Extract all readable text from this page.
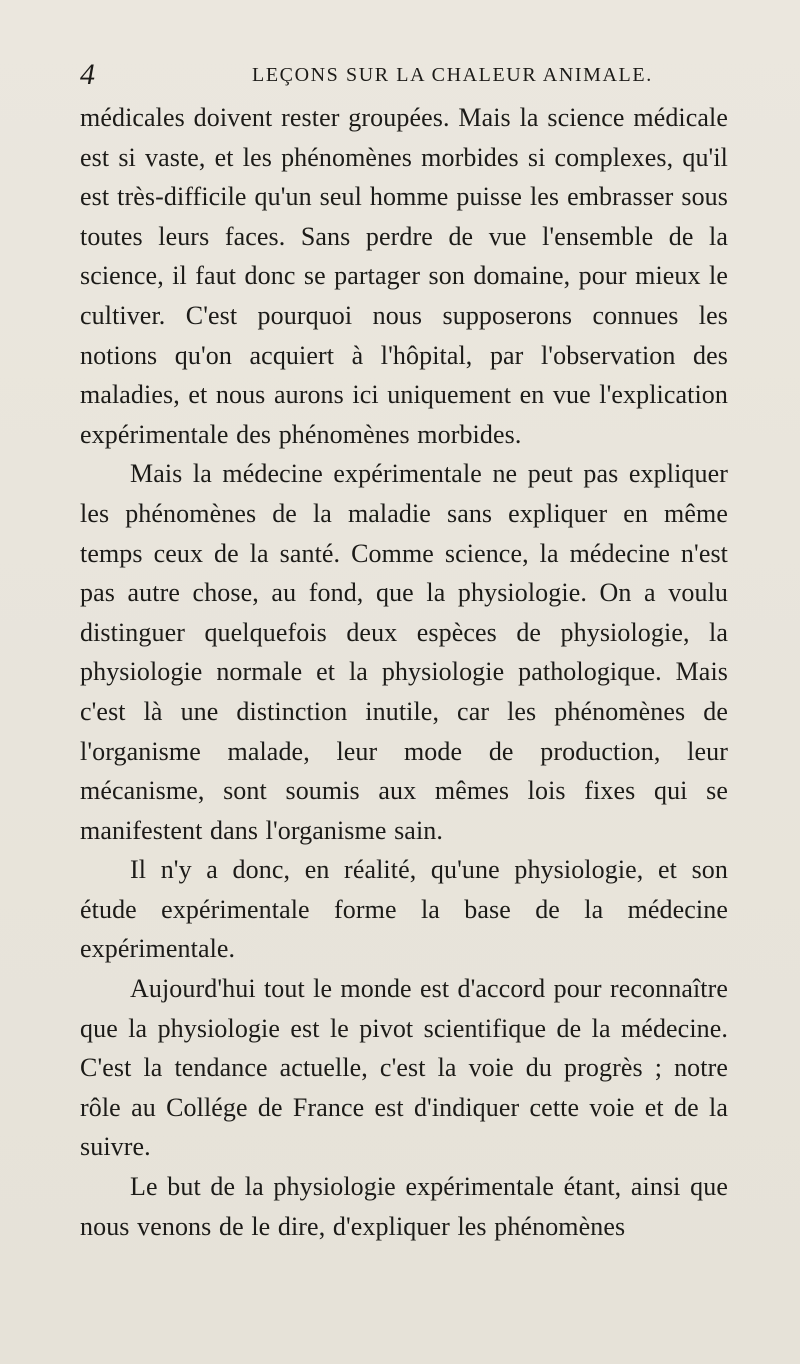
4	LEÇONS SUR LA CHALEUR ANIMALE.

médicales doivent rester groupées. Mais la science médicale est si vaste, et les phénomènes morbides si complexes, qu'il est très-difficile qu'un seul homme puisse les embrasser sous toutes leurs faces. Sans perdre de vue l'ensemble de la science, il faut donc se partager son domaine, pour mieux le cultiver. C'est pourquoi nous supposerons connues les notions qu'on acquiert à l'hôpital, par l'observation des maladies, et nous aurons ici uniquement en vue l'explication expérimentale des phénomènes morbides.

Mais la médecine expérimentale ne peut pas expliquer les phénomènes de la maladie sans expliquer en même temps ceux de la santé. Comme science, la médecine n'est pas autre chose, au fond, que la physiologie. On a voulu distinguer quelquefois deux espèces de physiologie, la physiologie normale et la physiologie pathologique. Mais c'est là une distinction inutile, car les phénomènes de l'organisme malade, leur mode de production, leur mécanisme, sont soumis aux mêmes lois fixes qui se manifestent dans l'organisme sain.

Il n'y a donc, en réalité, qu'une physiologie, et son étude expérimentale forme la base de la médecine expérimentale.

Aujourd'hui tout le monde est d'accord pour reconnaître que la physiologie est le pivot scientifique de la médecine. C'est la tendance actuelle, c'est la voie du progrès ; notre rôle au Collége de France est d'indiquer cette voie et de la suivre.

Le but de la physiologie expérimentale étant, ainsi que nous venons de le dire, d'expliquer les phénomènes
